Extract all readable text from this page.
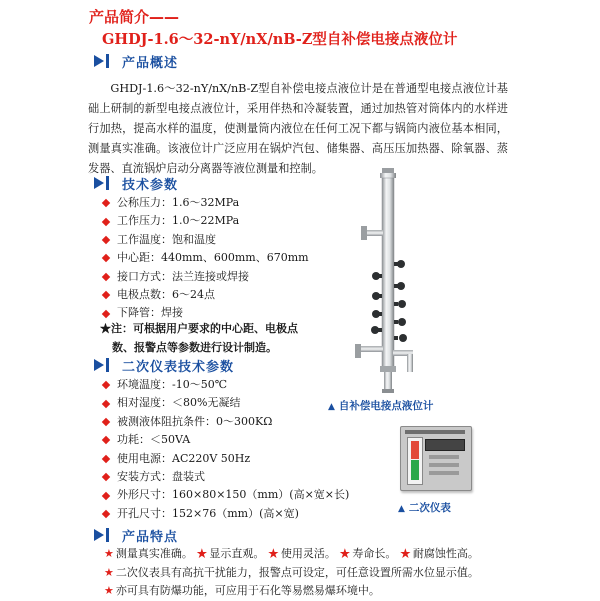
产品简介——
GHDJ-1.6～32-nY/nX/nB-Z型自补偿电接点液位计
产品概述
GHDJ-1.6～32-nY/nX/nB-Z型自补偿电接点液位计是在普通型电接点液位计基础上研制的新型电接点液位计，采用伴热和冷凝装置，通过加热管对筒体内的水样进行加热，提高水样的温度，使测量筒内液位在任何工况下都与锅筒内液位基本相同，测量真实准确。该液位计广泛应用在锅炉汽包、储集器、高压压加热器、除氧器、蒸发器、直流锅炉启动分离器等液位测量和控制。
技术参数
公称压力：1.6～32MPa
工作压力：1.0～22MPa
工作温度：饱和温度
中心距：440mm、600mm、670mm
接口方式：法兰连接或焊接
电极点数：6～24点
下降管：焊接
★注：可根据用户要求的中心距、电极点
数、报警点等参数进行设计制造。
二次仪表技术参数
环境温度：-10～50℃
相对湿度：＜80%无凝结
被测液体阻抗条件：0～300KΩ
功耗：＜50VA
使用电源：AC220V 50Hz
安装方式：盘装式
外形尺寸：160×80×150（mm）(高×宽×长)
开孔尺寸：152×76（mm）(高×宽)
▲ 自补偿电接点液位计
▲ 二次仪表
产品特点
★ 测量真实准确。 ★ 显示直观。 ★ 使用灵活。 ★ 寿命长。 ★ 耐腐蚀性高。
★ 二次仪表具有高抗干扰能力，报警点可设定，可任意设置所需水位显示值。
★ 亦可具有防爆功能，可应用于石化等易燃易爆环境中。
